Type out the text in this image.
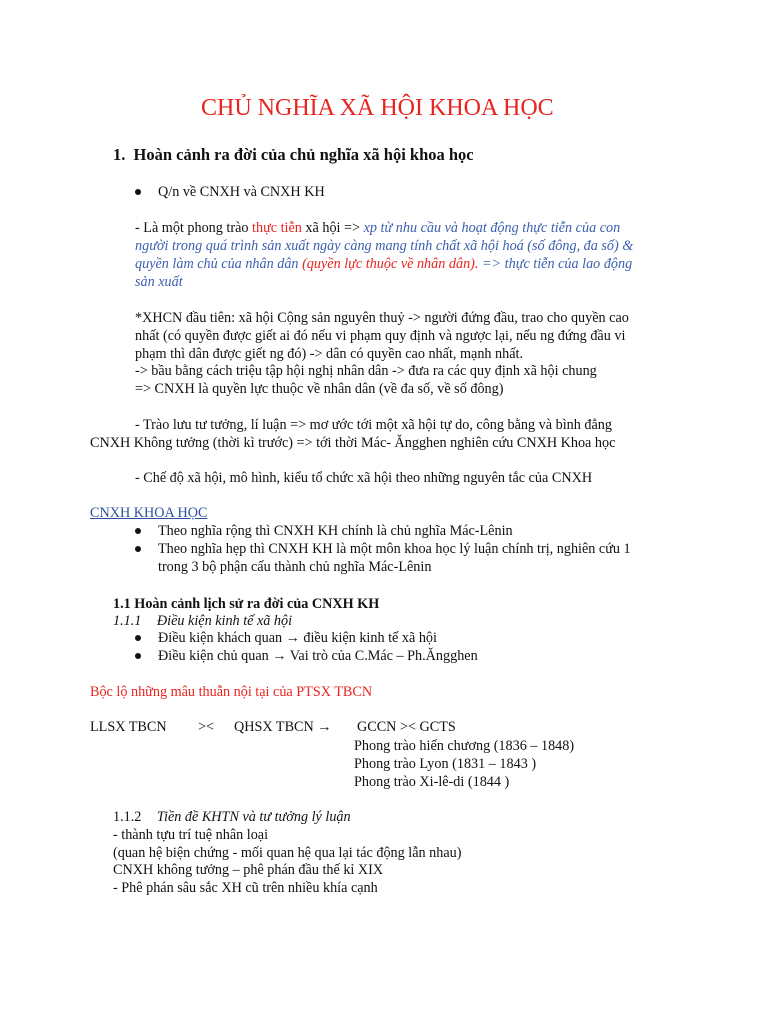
CHỦ NGHĨA XÃ HỘI KHOA HỌC
1. Hoàn cảnh ra đời của chủ nghĩa xã hội khoa học
Q/n về CNXH và CNXH KH
- Là một phong trào thực tiễn xã hội => xp từ nhu cầu và hoạt động thực tiễn của con
người trong quá trình sản xuất ngày càng mang tính chất xã hội hoá (số đông, đa số) &
quyền làm chủ của nhân dân (quyền lực thuộc về nhân dân). => thực tiễn của lao động
sản xuất
*XHCN đầu tiên: xã hội Cộng sản nguyên thuỷ -> người đứng đầu, trao cho quyền cao
nhất (có quyền được giết ai đó nếu vi phạm quy định và ngược lại, nếu ng đứng đầu vi
phạm thì dân được giết ng đó) -> dân có quyền cao nhất, mạnh nhất.
-> bầu bằng cách triệu tập hội nghị nhân dân -> đưa ra các quy định xã hội chung
=> CNXH là quyền lực thuộc về nhân dân (về đa số, về số đông)
- Trào lưu tư tưởng, lí luận => mơ ước tới một xã hội tự do, công bằng và bình đẳng
CNXH Không tưởng (thời kì trước) => tới thời Mác- Ăngghen nghiên cứu CNXH Khoa học
- Chế độ xã hội, mô hình, kiểu tổ chức xã hội theo những nguyên tắc của CNXH
CNXH KHOA HỌC
Theo nghĩa rộng thì CNXH KH chính là chủ nghĩa Mác-Lênin
Theo nghĩa hẹp thì CNXH KH là một môn khoa học lý luận chính trị, nghiên cứu 1
trong 3 bộ phận cấu thành chủ nghĩa Mác-Lênin
1.1 Hoàn cảnh lịch sử ra đời của CNXH KH
1.1.1 Điều kiện kinh tế xã hội
Điều kiện khách quan → điều kiện kinh tế xã hội
Điều kiện chủ quan → Vai trò của C.Mác – Ph.Ăngghen
Bộc lộ những mâu thuẫn nội tại của PTSX TBCN
LLSX TBCN >< QHSX TBCN → GCCN >< GCTS
Phong trào hiến chương (1836 – 1848)
Phong trào Lyon (1831 – 1843 )
Phong trào Xi-lê-di (1844 )
1.1.2 Tiền đề KHTN và tư tưởng lý luận
- thành tựu trí tuệ nhân loại
(quan hệ biện chứng - mối quan hệ qua lại tác động lẫn nhau)
CNXH không tưởng – phê phán đầu thế kỉ XIX
- Phê phán sâu sắc XH cũ trên nhiều khía cạnh
